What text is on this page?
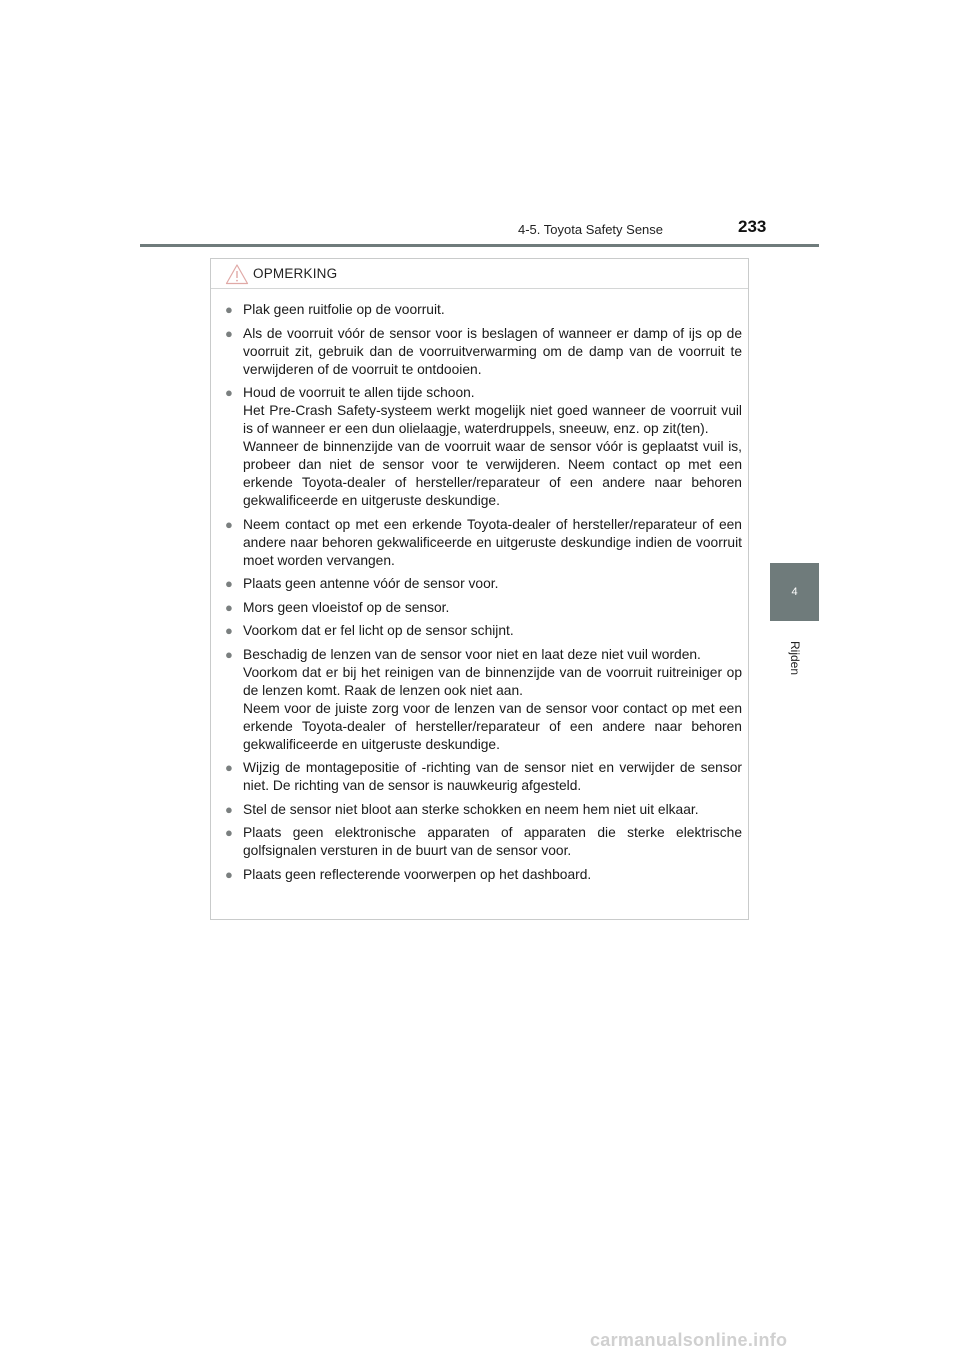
4-5. Toyota Safety Sense	233
4
Rijden
OPMERKING
● Plak geen ruitfolie op de voorruit.
● Als de voorruit vóór de sensor voor is beslagen of wanneer er damp of ijs op de voorruit zit, gebruik dan de voorruitverwarming om de damp van de voorruit te verwijderen of de voorruit te ontdooien.
● Houd de voorruit te allen tijde schoon.
Het Pre-Crash Safety-systeem werkt mogelijk niet goed wanneer de voorruit vuil is of wanneer er een dun olielaagje, waterdruppels, sneeuw, enz. op zit(ten).
Wanneer de binnenzijde van de voorruit waar de sensor vóór is geplaatst vuil is, probeer dan niet de sensor voor te verwijderen. Neem contact op met een erkende Toyota-dealer of hersteller/reparateur of een andere naar behoren gekwalificeerde en uitgeruste deskundige.
● Neem contact op met een erkende Toyota-dealer of hersteller/reparateur of een andere naar behoren gekwalificeerde en uitgeruste deskundige indien de voorruit moet worden vervangen.
● Plaats geen antenne vóór de sensor voor.
● Mors geen vloeistof op de sensor.
● Voorkom dat er fel licht op de sensor schijnt.
● Beschadig de lenzen van de sensor voor niet en laat deze niet vuil worden.
Voorkom dat er bij het reinigen van de binnenzijde van de voorruit ruitreiniger op de lenzen komt. Raak de lenzen ook niet aan.
Neem voor de juiste zorg voor de lenzen van de sensor voor contact op met een erkende Toyota-dealer of hersteller/reparateur of een andere naar behoren gekwalificeerde en uitgeruste deskundige.
● Wijzig de montagepositie of -richting van de sensor niet en verwijder de sensor niet. De richting van de sensor is nauwkeurig afgesteld.
● Stel de sensor niet bloot aan sterke schokken en neem hem niet uit elkaar.
● Plaats geen elektronische apparaten of apparaten die sterke elektrische golfsignalen versturen in de buurt van de sensor voor.
● Plaats geen reflecterende voorwerpen op het dashboard.
carmanualsonline.info
